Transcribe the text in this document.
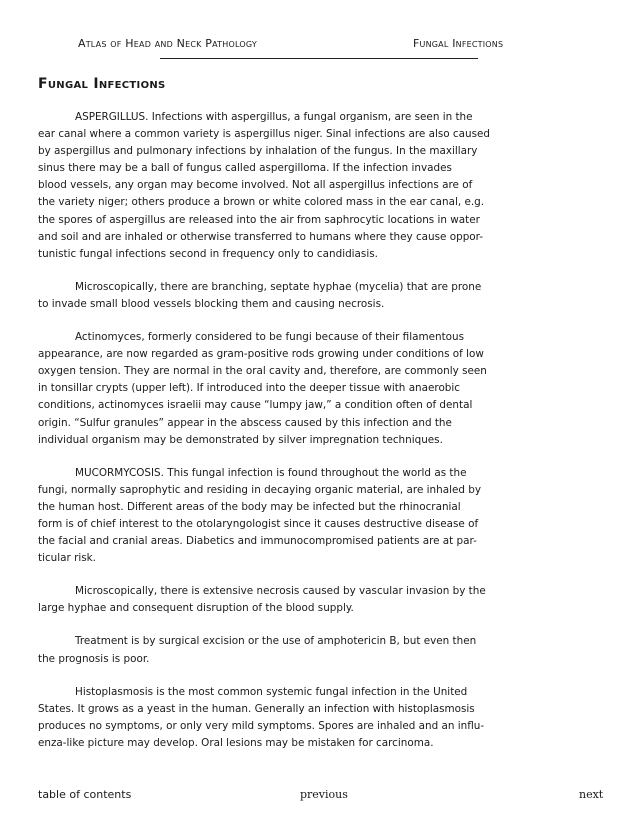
Atlas of Head and Neck Pathology	Fungal Infections
Fungal Infections

ASPERGILLUS. Infections with aspergillus, a fungal organism, are seen in the
ear canal where a common variety is aspergillus niger. Sinal infections are also caused
by aspergillus and pulmonary infections by inhalation of the fungus. In the maxillary
sinus there may be a ball of fungus called aspergilloma. If the infection invades
blood vessels, any organ may become involved. Not all aspergillus infections are of
the variety niger; others produce a brown or white colored mass in the ear canal, e.g.
the spores of aspergillus are released into the air from saphrocytic locations in water
and soil and are inhaled or otherwise transferred to humans where they cause oppor-
tunistic fungal infections second in frequency only to candidiasis.

Microscopically, there are branching, septate hyphae (mycelia) that are prone
to invade small blood vessels blocking them and causing necrosis.

Actinomyces, formerly considered to be fungi because of their filamentous
appearance, are now regarded as gram-positive rods growing under conditions of low
oxygen tension. They are normal in the oral cavity and, therefore, are commonly seen
in tonsillar crypts (upper left). If introduced into the deeper tissue with anaerobic
conditions, actinomyces israelii may cause “lumpy jaw,” a condition often of dental
origin. “Sulfur granules” appear in the abscess caused by this infection and the
individual organism may be demonstrated by silver impregnation techniques.

MUCORMYCOSIS. This fungal infection is found throughout the world as the
fungi, normally saprophytic and residing in decaying organic material, are inhaled by
the human host. Different areas of the body may be infected but the rhinocranial
form is of chief interest to the otolaryngologist since it causes destructive disease of
the facial and cranial areas. Diabetics and immunocompromised patients are at par-
ticular risk.

Microscopically, there is extensive necrosis caused by vascular invasion by the
large hyphae and consequent disruption of the blood supply.

Treatment is by surgical excision or the use of amphotericin B, but even then
the prognosis is poor.

Histoplasmosis is the most common systemic fungal infection in the United
States. It grows as a yeast in the human. Generally an infection with histoplasmosis
produces no symptoms, or only very mild symptoms. Spores are inhaled and an influ-
enza-like picture may develop. Oral lesions may be mistaken for carcinoma.

table of contents	previous	next
